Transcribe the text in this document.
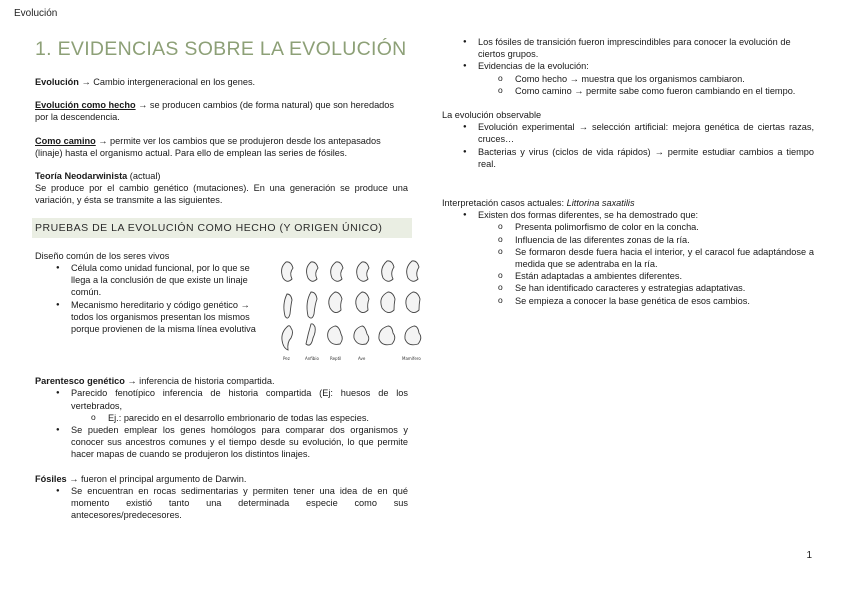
Evolución
1. EVIDENCIAS SOBRE LA EVOLUCIÓN

Evolución → Cambio intergeneracional en los genes.

Evolución como hecho → se producen cambios (de forma natural) que son heredados por la descendencia.

Como camino → permite ver los cambios que se produjeron desde los antepasados (linaje) hasta el organismo actual. Para ello de emplean las series de fósiles.

Teoría Neodarwinista (actual)

Se produce por el cambio genético (mutaciones). En una generación se produce una variación, y ésta se transmite a las siguientes.

PRUEBAS DE LA EVOLUCIÓN COMO HECHO (Y ORIGEN ÚNICO)

Diseño común de los seres vivos

● Célula como unidad funcional, por lo que se llega a la conclusión de que existe un linaje común.
● Mecanismo hereditario y código genético → todos los organismos presentan los mismos porque provienen de la misma línea evolutiva
Pez	Anfibio	Reptil	Ave	Mamífero

Parentesco genético → inferencia de historia compartida.

● Parecido fenotípico inferencia de historia compartida (Ej: huesos de los vertebrados,
o Ej.: parecido en el desarrollo embrionario de todas las especies.
● Se pueden emplear los genes homólogos para comparar dos organismos y conocer sus ancestros comunes y el tiempo desde su evolución, lo que permite hacer mapas de cuando se produjeron los distintos linajes.

Fósiles → fueron el principal argumento de Darwin.

● Se encuentran en rocas sedimentarias y permiten tener una idea de en qué momento existió tanto una determinada especie como sus antecesores/predecesores.
● Los fósiles de transición fueron imprescindibles para conocer la evolución de ciertos grupos.
● Evidencias de la evolución:
o Como hecho → muestra que los organismos cambiaron.
o Como camino → permite sabe como fueron cambiando en el tiempo.

La evolución observable

● Evolución experimental → selección artificial: mejora genética de ciertas razas, cruces…
● Bacterias y virus (ciclos de vida rápidos) → permite estudiar cambios a tiempo real.

Interpretación casos actuales: Littorina saxatilis

● Existen dos formas diferentes, se ha demostrado que:
o Presenta polimorfismo de color en la concha.
o Influencia de las diferentes zonas de la ría.
o Se formaron desde fuera hacia el interior, y el caracol fue adaptándose a medida que se adentraba en la ría.
o Están adaptadas a ambientes diferentes.
o Se han identificado caracteres y estrategias adaptativas.
o Se empieza a conocer la base genética de esos cambios.
1
